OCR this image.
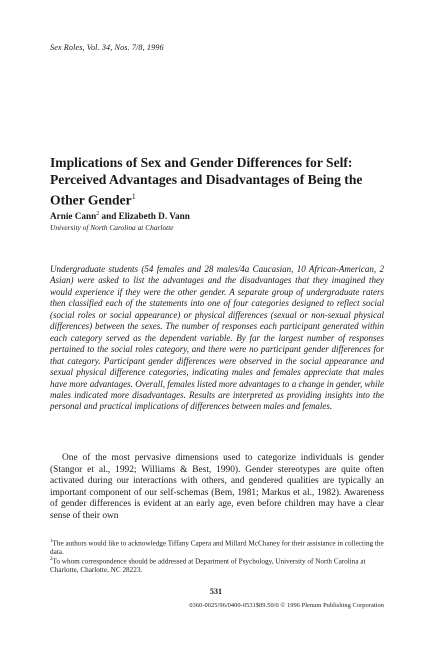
Sex Roles, Vol. 34, Nos. 7/8, 1996
Implications of Sex and Gender Differences for Self: Perceived Advantages and Disadvantages of Being the Other Gender$^1$
Arnie Cann$^2$ and Elizabeth D. Vann
University of North Carolina at Charlotte

Undergraduate students (54 females and 28 males/4a Caucasian, 10 African-American, 2 Asian) were asked to list the advantages and the disadvantages that they imagined they would experience if they were the other gender. A separate group of undergraduate raters then classified each of the statements into one of four categories designed to reflect social (social roles or social appearance) or physical differences (sexual or non-sexual physical differences) between the sexes. The number of responses each participant generated within each category served as the dependent variable. By far the largest number of responses pertained to the social roles category, and there were no participant gender differences for that category. Participant gender differences were observed in the social appearance and sexual physical difference categories, indicating males and females appreciate that males have more advantages. Overall, females listed more advantages to a change in gender, while males indicated more disadvantages. Results are interpreted as providing insights into the personal and practical implications of differences between males and females.

One of the most pervasive dimensions used to categorize individuals is gender (Stangor et al., 1992; Williams & Best, 1990). Gender stereotypes are quite often activated during our interactions with others, and gendered qualities are typically an important component of our self-schemas (Bem, 1981; Markus et al., 1982). Awareness of gender differences is evident at an early age, even before children may have a clear sense of their own

$^1$The authors would like to acknowledge Tiffany Capera and Millard McChaney for their assistance in collecting the data.

$^2$To whom correspondence should be addressed at Department of Psychology, University of North Carolina at Charlotte, Charlotte, NC 28223.

531
0360-0025/96/0400-0531$09.50/0 © 1996 Plenum Publishing Corporation
